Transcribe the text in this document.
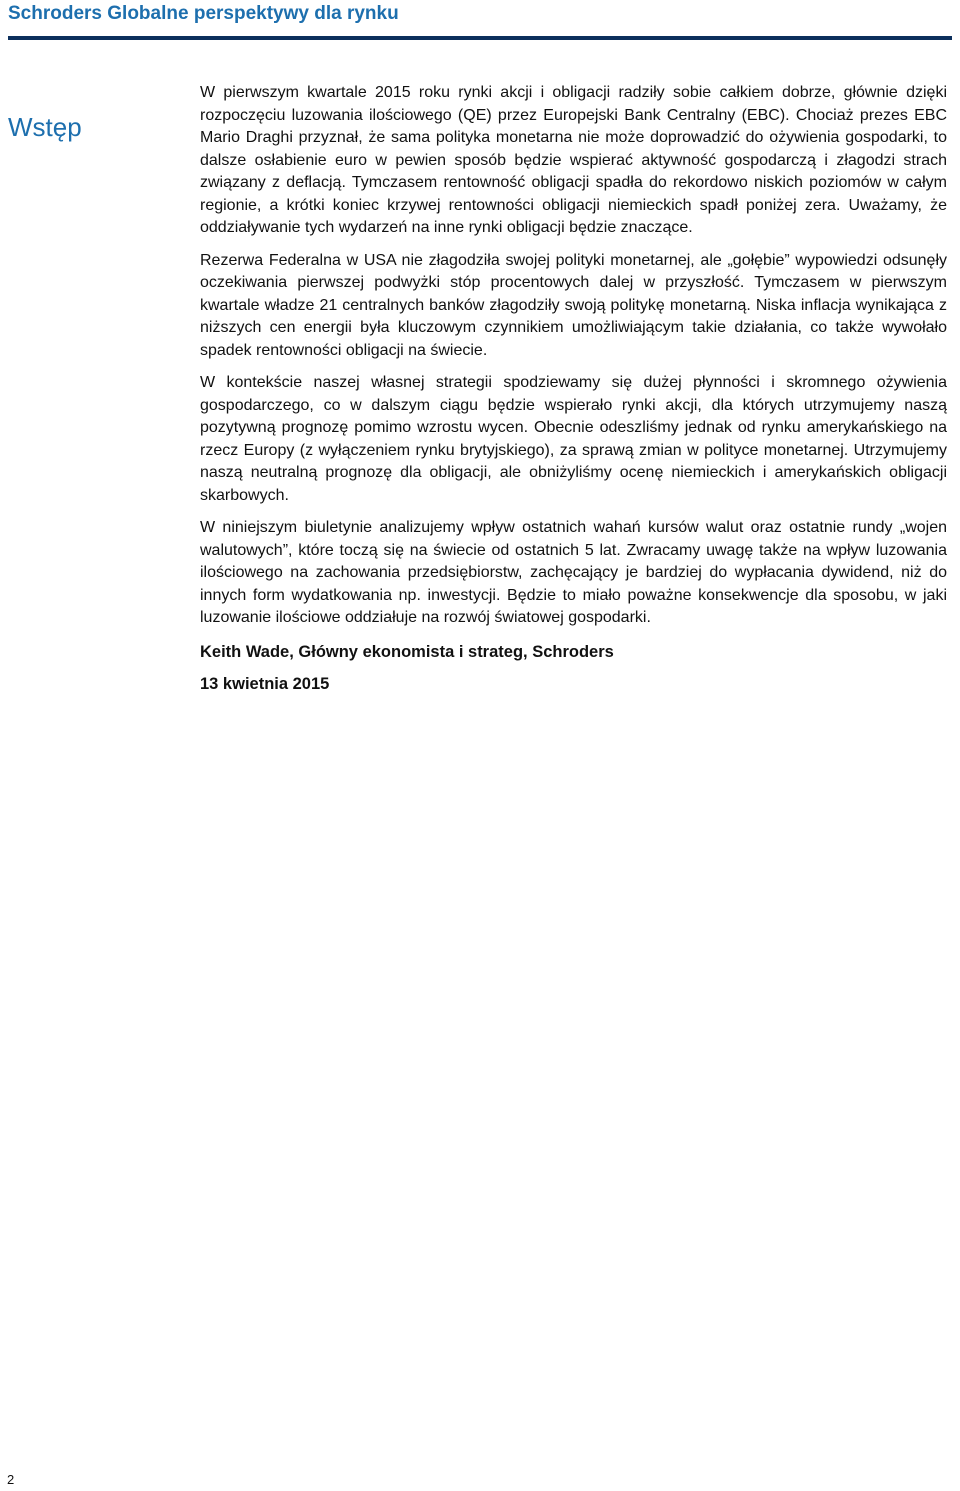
Schroders Globalne perspektywy dla rynku
Wstęp

W pierwszym kwartale 2015 roku rynki akcji i obligacji radziły sobie całkiem dobrze, głównie dzięki rozpoczęciu luzowania ilościowego (QE) przez Europejski Bank Centralny (EBC). Chociaż prezes EBC Mario Draghi przyznał, że sama polityka monetarna nie może doprowadzić do ożywienia gospodarki, to dalsze osłabienie euro w pewien sposób będzie wspierać aktywność gospodarczą i złagodzi strach związany z deflacją. Tymczasem rentowność obligacji spadła do rekordowo niskich poziomów w całym regionie, a krótki koniec krzywej rentowności obligacji niemieckich spadł poniżej zera. Uważamy, że oddziaływanie tych wydarzeń na inne rynki obligacji będzie znaczące.

Rezerwa Federalna w USA nie złagodziła swojej polityki monetarnej, ale „gołębie” wypowiedzi odsunęły oczekiwania pierwszej podwyżki stóp procentowych dalej w przyszłość. Tymczasem w pierwszym kwartale władze 21 centralnych banków złagodziły swoją politykę monetarną. Niska inflacja wynikająca z niższych cen energii była kluczowym czynnikiem umożliwiającym takie działania, co także wywołało spadek rentowności obligacji na świecie.

W kontekście naszej własnej strategii spodziewamy się dużej płynności i skromnego ożywienia gospodarczego, co w dalszym ciągu będzie wspierało rynki akcji, dla których utrzymujemy naszą pozytywną prognozę pomimo wzrostu wycen. Obecnie odeszliśmy jednak od rynku amerykańskiego na rzecz Europy (z wyłączeniem rynku brytyjskiego), za sprawą zmian w polityce monetarnej. Utrzymujemy naszą neutralną prognozę dla obligacji, ale obniżyliśmy ocenę niemieckich i amerykańskich obligacji skarbowych.

W niniejszym biuletynie analizujemy wpływ ostatnich wahań kursów walut oraz ostatnie rundy „wojen walutowych”, które toczą się na świecie od ostatnich 5 lat. Zwracamy uwagę także na wpływ luzowania ilościowego na zachowania przedsiębiorstw, zachęcający je bardziej do wypłacania dywidend, niż do innych form wydatkowania np. inwestycji. Będzie to miało poważne konsekwencje dla sposobu, w jaki luzowanie ilościowe oddziałuje na rozwój światowej gospodarki.

Keith Wade, Główny ekonomista i strateg, Schroders
13 kwietnia 2015
2
